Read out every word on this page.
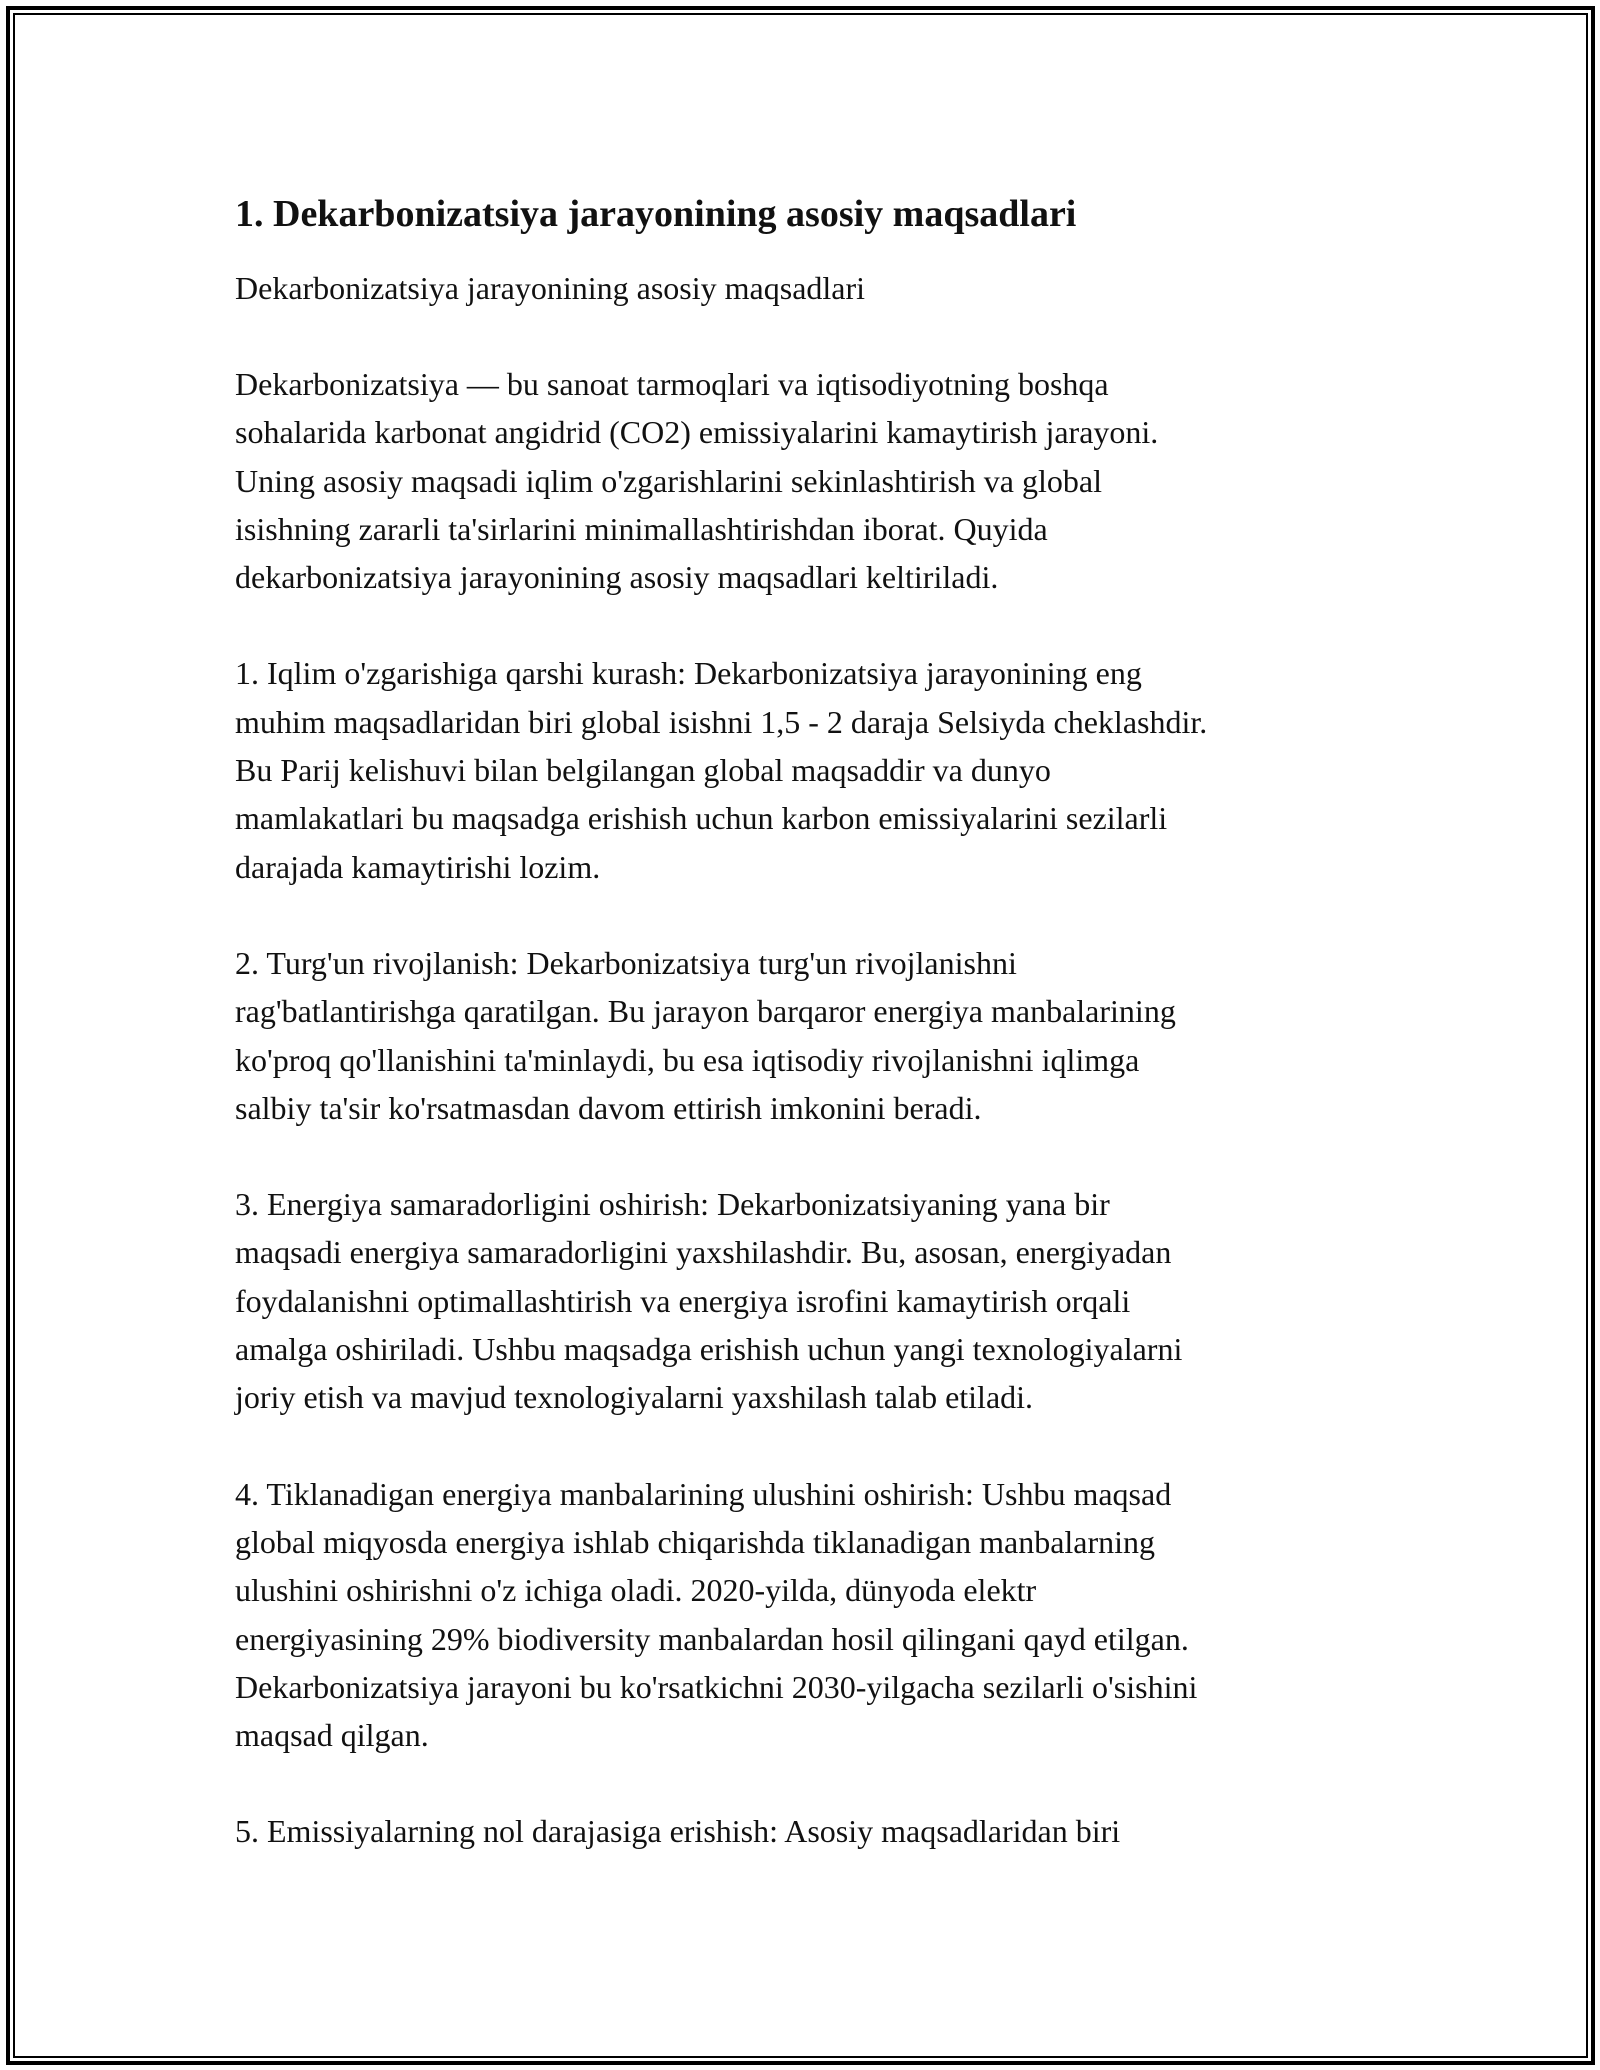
1. Dekarbonizatsiya jarayonining asosiy maqsadlari

Dekarbonizatsiya jarayonining asosiy maqsadlari

Dekarbonizatsiya — bu sanoat tarmoqlari va iqtisodiyotning boshqa
sohalarida karbonat angidrid (CO2) emissiyalarini kamaytirish jarayoni.
Uning asosiy maqsadi iqlim o'zgarishlarini sekinlashtirish va global
isishning zararli ta'sirlarini minimallashtirishdan iborat. Quyida
dekarbonizatsiya jarayonining asosiy maqsadlari keltiriladi.

1. Iqlim o'zgarishiga qarshi kurash: Dekarbonizatsiya jarayonining eng
muhim maqsadlaridan biri global isishni 1,5 - 2 daraja Selsiyda cheklashdir.
Bu Parij kelishuvi bilan belgilangan global maqsaddir va dunyo
mamlakatlari bu maqsadga erishish uchun karbon emissiyalarini sezilarli
darajada kamaytirishi lozim.

2. Turg'un rivojlanish: Dekarbonizatsiya turg'un rivojlanishni
rag'batlantirishga qaratilgan. Bu jarayon barqaror energiya manbalarining
ko'proq qo'llanishini ta'minlaydi, bu esa iqtisodiy rivojlanishni iqlimga
salbiy ta'sir ko'rsatmasdan davom ettirish imkonini beradi.

3. Energiya samaradorligini oshirish: Dekarbonizatsiyaning yana bir
maqsadi energiya samaradorligini yaxshilashdir. Bu, asosan, energiyadan
foydalanishni optimallashtirish va energiya isrofini kamaytirish orqali
amalga oshiriladi. Ushbu maqsadga erishish uchun yangi texnologiyalarni
joriy etish va mavjud texnologiyalarni yaxshilash talab etiladi.

4. Tiklanadigan energiya manbalarining ulushini oshirish: Ushbu maqsad
global miqyosda energiya ishlab chiqarishda tiklanadigan manbalarning
ulushini oshirishni o'z ichiga oladi. 2020-yilda, dünyoda elektr
energiyasining 29% biodiversity manbalardan hosil qilingani qayd etilgan.
Dekarbonizatsiya jarayoni bu ko'rsatkichni 2030-yilgacha sezilarli o'sishini
maqsad qilgan.

5. Emissiyalarning nol darajasiga erishish: Asosiy maqsadlaridan biri
